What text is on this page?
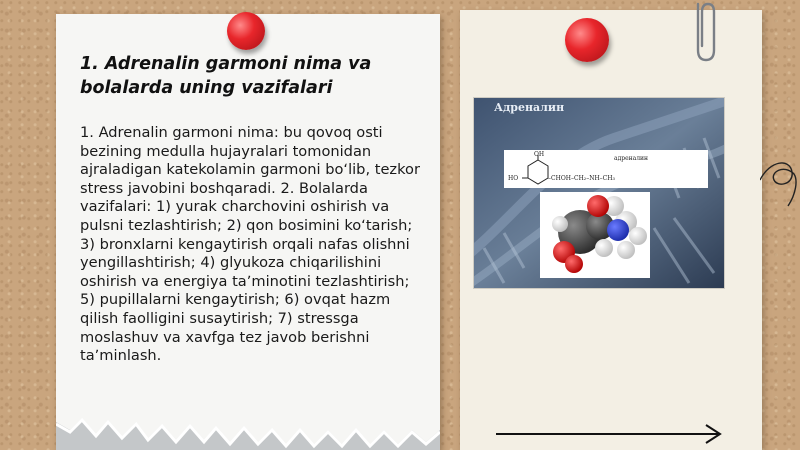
1. Adrenalin garmoni nima va bolalarda uning vazifalari

1. Adrenalin garmoni nima: bu qovoq osti bezining medulla hujayralari tomonidan ajraladigan katekolamin garmoni boʻlib, tezkor stress javobini boshqaradi. 2. Bolalarda vazifalari: 1) yurak charchovini oshirish va pulsni tezlashtirish; 2) qon bosimini koʻtarish; 3) bronxlarni kengaytirish orqali nafas olishni yengillashtirish; 4) glyukoza chiqarilishini oshirish va energiya taʼminotini tezlashtirish; 5) pupillalarni kengaytirish; 6) ovqat hazm qilish faolligini susaytirish; 7) stressga moslashuv va xavfga tez javob berishni taʼminlash.

Адреналин
OH
HO	–CHOH–CH₂–NH–CH₃
адреналин
